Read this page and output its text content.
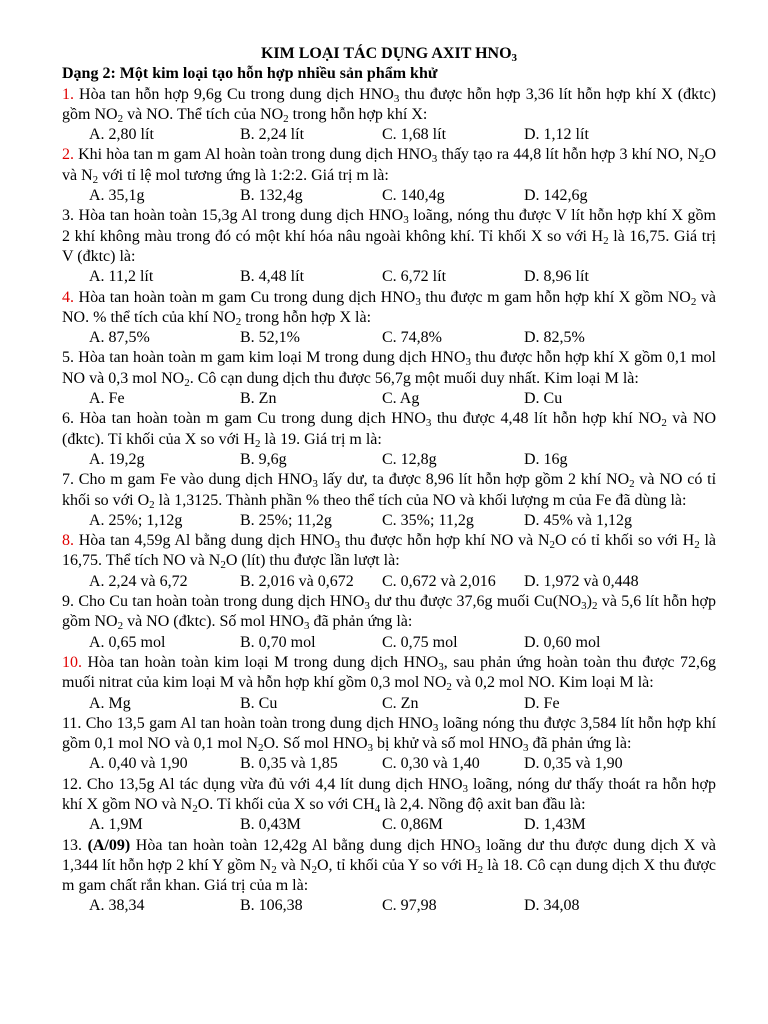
KIM LOẠI TÁC DỤNG AXIT $HNO_3$

Dạng 2: Một kim loại tạo hỗn hợp nhiều sản phẩm khử

1. Hòa tan hỗn hợp 9,6g Cu trong dung dịch $HNO_3$ thu được hỗn hợp 3,36 lít hỗn hợp khí X (đktc) gồm $NO_2$ và NO. Thể tích của $NO_2$ trong hỗn hợp khí X:

A. 2,80 lít	B. 2,24 lít	C. 1,68 lít	D. 1,12 lít

2. Khi hòa tan m gam Al hoàn toàn trong dung dịch $HNO_3$ thấy tạo ra 44,8 lít hỗn hợp 3 khí NO, $N_2O$ và $N_2$ với tỉ lệ mol tương ứng là 1:2:2. Giá trị m là:

A. 35,1g	B. 132,4g	C. 140,4g	D. 142,6g

3. Hòa tan hoàn toàn 15,3g Al trong dung dịch $HNO_3$ loãng, nóng thu được V lít hỗn hợp khí X gồm 2 khí không màu trong đó có một khí hóa nâu ngoài không khí. Tỉ khối X so với $H_2$ là 16,75. Giá trị V (đktc) là:

A. 11,2 lít	B. 4,48 lít	C. 6,72 lít	D. 8,96 lít

4. Hòa tan hoàn toàn m gam Cu trong dung dịch $HNO_3$ thu được m gam hỗn hợp khí X gồm $NO_2$ và NO. % thể tích của khí $NO_2$ trong hỗn hợp X là:

A. 87,5%	B. 52,1%	C. 74,8%	D. 82,5%

5. Hòa tan hoàn toàn m gam kim loại M trong dung dịch $HNO_3$ thu được hỗn hợp khí X gồm 0,1 mol NO và 0,3 mol $NO_2$. Cô cạn dung dịch thu được 56,7g một muối duy nhất. Kim loại M là:

A. Fe	B. Zn	C. Ag	D. Cu

6. Hòa tan hoàn toàn m gam Cu trong dung dịch $HNO_3$ thu được 4,48 lít hỗn hợp khí $NO_2$ và NO (đktc). Tỉ khối của X so với $H_2$ là 19. Giá trị m là:

A. 19,2g	B. 9,6g	C. 12,8g	D. 16g

7. Cho m gam Fe vào dung dịch $HNO_3$ lấy dư, ta được 8,96 lít hỗn hợp gồm 2 khí $NO_2$ và NO có tỉ khối so với $O_2$ là 1,3125. Thành phần % theo thể tích của NO và khối lượng m của Fe đã dùng là:

A. 25%; 1,12g	B. 25%; 11,2g	C. 35%; 11,2g	D. 45% và 1,12g

8. Hòa tan 4,59g Al bằng dung dịch $HNO_3$ thu được hỗn hợp khí NO và $N_2O$ có tỉ khối so với $H_2$ là 16,75. Thể tích NO và $N_2O$ (lít) thu được lần lượt là:

A. 2,24 và 6,72	B. 2,016 và 0,672	C. 0,672 và 2,016	D. 1,972 và 0,448

9. Cho Cu tan hoàn toàn trong dung dịch $HNO_3$ dư thu được 37,6g muối $Cu(NO_3)_2$ và 5,6 lít hỗn hợp gồm $NO_2$ và NO (đktc). Số mol $HNO_3$ đã phản ứng là:

A. 0,65 mol	B. 0,70 mol	C. 0,75 mol	D. 0,60 mol

10. Hòa tan hoàn toàn kim loại M trong dung dịch $HNO_3$, sau phản ứng hoàn toàn thu được 72,6g muối nitrat của kim loại M và hỗn hợp khí gồm 0,3 mol $NO_2$ và 0,2 mol NO. Kim loại M là:

A. Mg	B. Cu	C. Zn	D. Fe

11. Cho 13,5 gam Al tan hoàn toàn trong dung dịch $HNO_3$ loãng nóng thu được 3,584 lít hỗn hợp khí gồm 0,1 mol NO và 0,1 mol $N_2O$. Số mol $HNO_3$ bị khử và số mol $HNO_3$ đã phản ứng là:

A. 0,40 và 1,90	B. 0,35 và 1,85	C. 0,30 và 1,40	D. 0,35 và 1,90

12. Cho 13,5g Al tác dụng vừa đủ với 4,4 lít dung dịch $HNO_3$ loãng, nóng dư thấy thoát ra hỗn hợp khí X gồm NO và $N_2O$. Tỉ khối của X so với $CH_4$ là 2,4. Nồng độ axit ban đầu là:

A. 1,9M	B. 0,43M	C. 0,86M	D. 1,43M

13. (A/09) Hòa tan hoàn toàn 12,42g Al bằng dung dịch $HNO_3$ loãng dư thu được dung dịch X và 1,344 lít hỗn hợp 2 khí Y gồm $N_2$ và $N_2O$, tỉ khối của Y so với $H_2$ là 18. Cô cạn dung dịch X thu được m gam chất rắn khan. Giá trị của m là:

A. 38,34	B. 106,38	C. 97,98	D. 34,08
